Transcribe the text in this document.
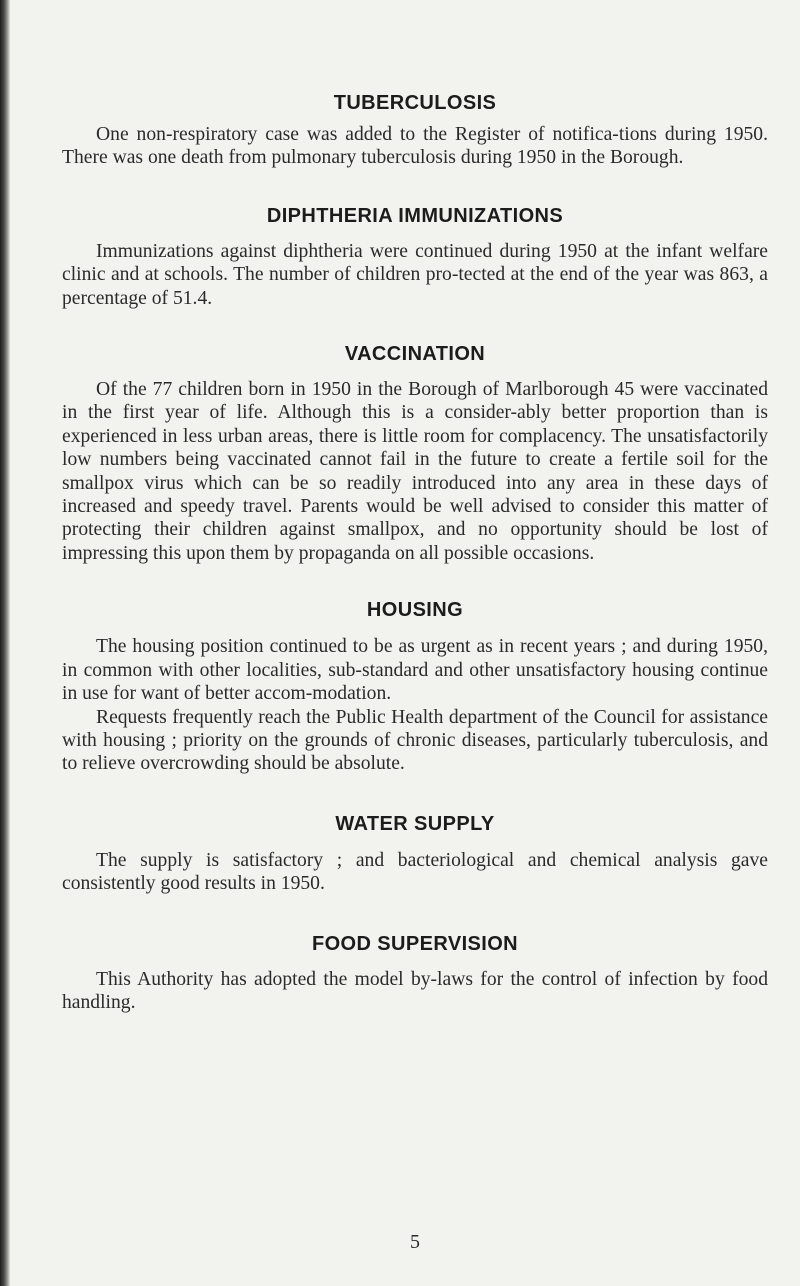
TUBERCULOSIS

One non-respiratory case was added to the Register of notifica-tions during 1950. There was one death from pulmonary tuberculosis during 1950 in the Borough.

DIPHTHERIA IMMUNIZATIONS

Immunizations against diphtheria were continued during 1950 at the infant welfare clinic and at schools. The number of children pro-tected at the end of the year was 863, a percentage of 51.4.

VACCINATION

Of the 77 children born in 1950 in the Borough of Marlborough 45 were vaccinated in the first year of life. Although this is a consider-ably better proportion than is experienced in less urban areas, there is little room for complacency. The unsatisfactorily low numbers being vaccinated cannot fail in the future to create a fertile soil for the smallpox virus which can be so readily introduced into any area in these days of increased and speedy travel. Parents would be well advised to consider this matter of protecting their children against smallpox, and no opportunity should be lost of impressing this upon them by propaganda on all possible occasions.

HOUSING

The housing position continued to be as urgent as in recent years ; and during 1950, in common with other localities, sub-standard and other unsatisfactory housing continue in use for want of better accom-modation.

Requests frequently reach the Public Health department of the Council for assistance with housing ; priority on the grounds of chronic diseases, particularly tuberculosis, and to relieve overcrowding should be absolute.

WATER SUPPLY

The supply is satisfactory ; and bacteriological and chemical analysis gave consistently good results in 1950.

FOOD SUPERVISION

This Authority has adopted the model by-laws for the control of infection by food handling.

5
